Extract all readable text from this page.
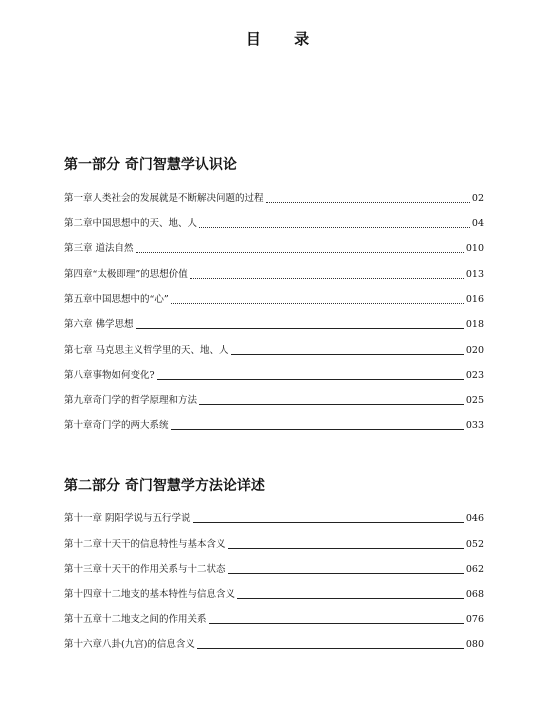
目 录
第一部分 奇门智慧学认识论
第一章人类社会的发展就是不断解决问题的过程	02
第二章中国思想中的天、地、人	04
第三章 道法自然	010
第四章“太极即理”的思想价值	013
第五章中国思想中的“心”	016
第六章 佛学思想	018
第七章 马克思主义哲学里的天、地、人	020
第八章事物如何变化?	023
第九章奇门学的哲学原理和方法	025
第十章奇门学的两大系统	033
第二部分 奇门智慧学方法论详述
第十一章 阴阳学说与五行学说	046
第十二章十天干的信息特性与基本含义	052
第十三章十天干的作用关系与十二状态	062
第十四章十二地支的基本特性与信息含义	068
第十五章十二地支之间的作用关系	076
第十六章八卦(九宫)的信息含义	080
